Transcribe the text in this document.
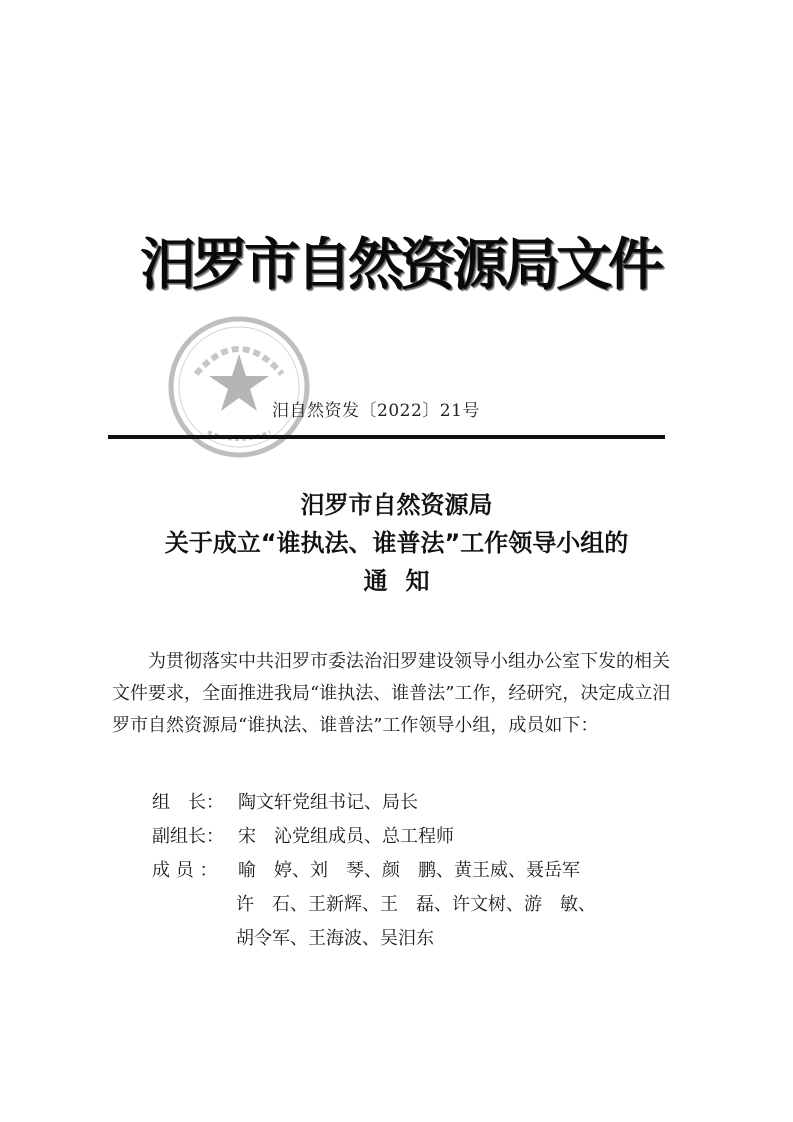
汨罗市自然资源局文件
汨自然资发〔2022〕21号
汨罗市自然资源局
关于成立“谁执法、谁普法”工作领导小组的
通知

为贯彻落实中共汨罗市委法治汨罗建设领导小组办公室下发的相关文件要求，全面推进我局“谁执法、谁普法”工作，经研究，决定成立汨罗市自然资源局“谁执法、谁普法”工作领导小组，成员如下：

组　长： 陶文轩党组书记、局长
副组长： 宋　沁党组成员、总工程师
成 员 ：	喻　婷、刘　琴、颜　鹏、黄王威、聂岳军
许　石、王新辉、王　磊、许文树、游　敏、
胡令军、王海波、吴汨东
